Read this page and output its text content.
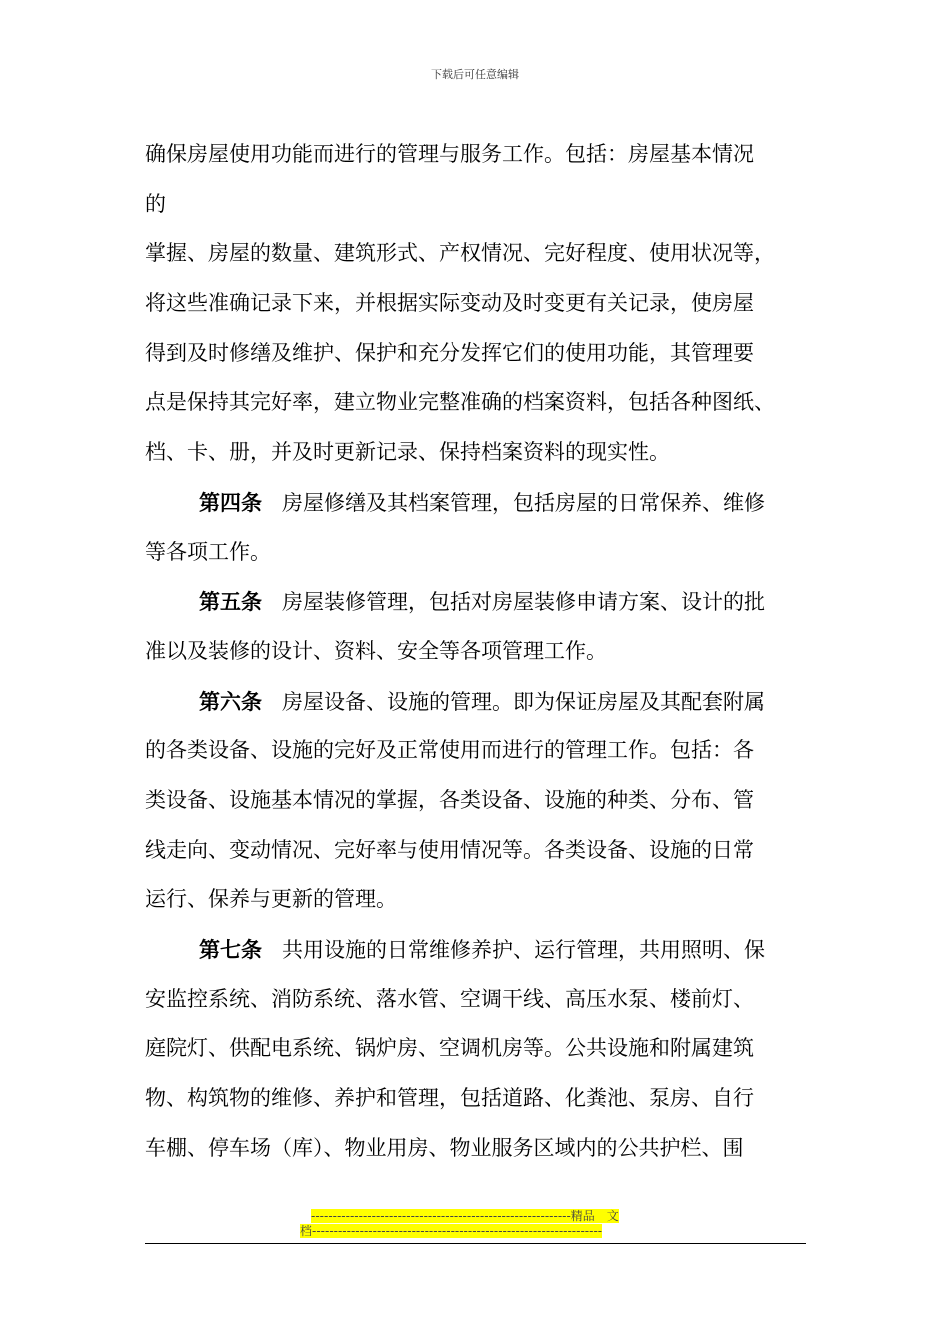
下载后可任意编辑
确保房屋使用功能而进行的管理与服务工作。包括：房屋基本情况
的
掌握、房屋的数量、建筑形式、产权情况、完好程度、使用状况等，
将这些准确记录下来，并根据实际变动及时变更有关记录，使房屋
得到及时修缮及维护、保护和充分发挥它们的使用功能，其管理要
点是保持其完好率，建立物业完整准确的档案资料，包括各种图纸、
档、卡、册，并及时更新记录、保持档案资料的现实性。
第四条 房屋修缮及其档案管理，包括房屋的日常保养、维修
等各项工作。
第五条 房屋装修管理，包括对房屋装修申请方案、设计的批
准以及装修的设计、资料、安全等各项管理工作。
第六条 房屋设备、设施的管理。即为保证房屋及其配套附属
的各类设备、设施的完好及正常使用而进行的管理工作。包括：各
类设备、设施基本情况的掌握，各类设备、设施的种类、分布、管
线走向、变动情况、完好率与使用情况等。各类设备、设施的日常
运行、保养与更新的管理。
第七条 共用设施的日常维修养护、运行管理，共用照明、保
安监控系统、消防系统、落水管、空调干线、高压水泵、楼前灯、
庭院灯、供配电系统、锅炉房、空调机房等。公共设施和附属建筑
物、构筑物的维修、养护和管理，包括道路、化粪池、泵房、自行
车棚、停车场（库）、物业用房、物业服务区域内的公共护栏、围
------------------------------------------------------------精品　文
档-------------------------------------------------------------------
